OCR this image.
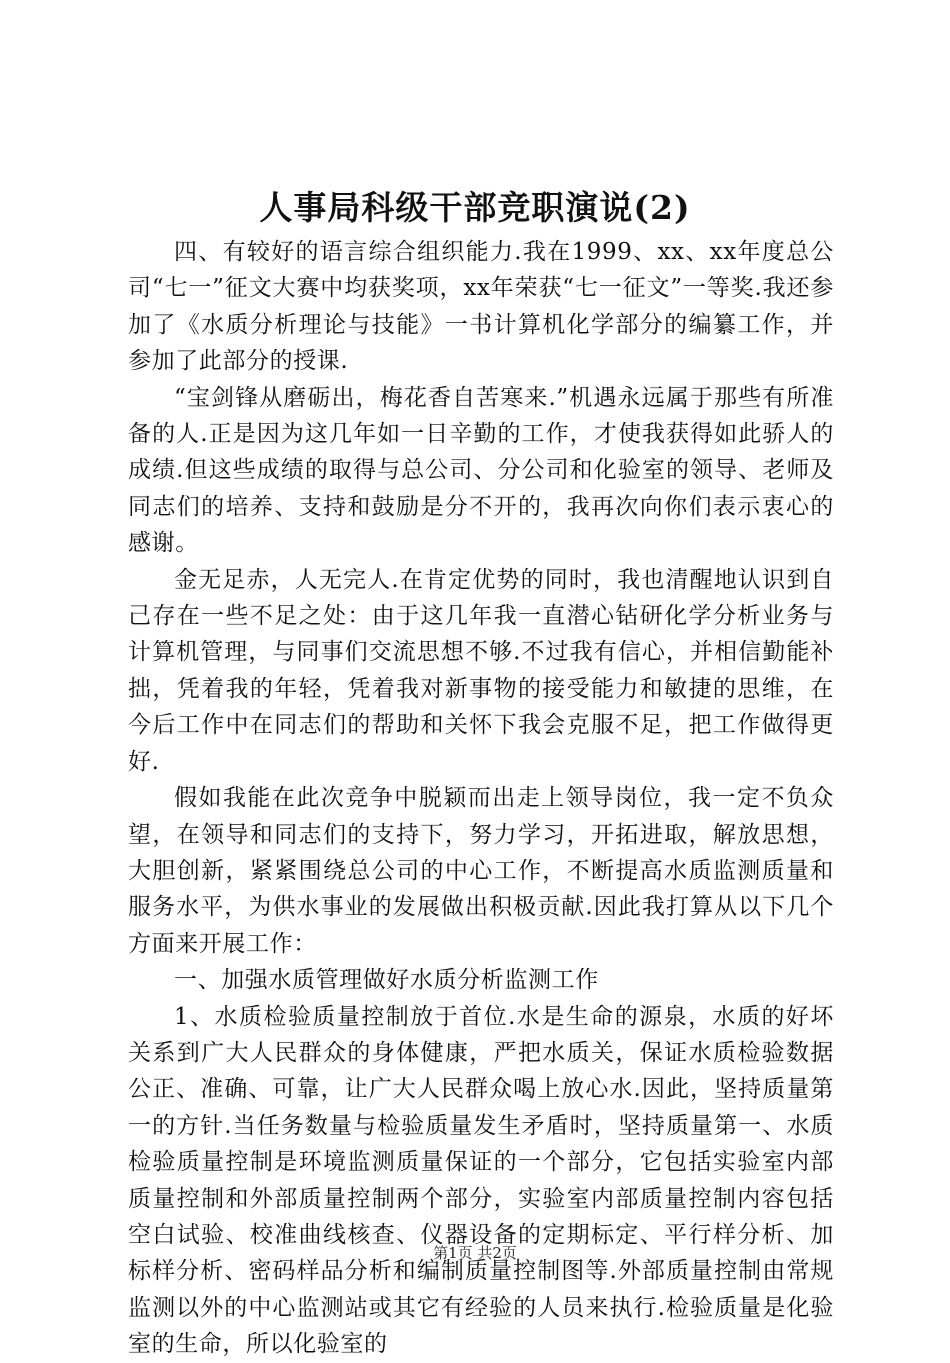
人事局科级干部竞职演说(2)

四、有较好的语言综合组织能力.我在1999、xx、xx年度总公司“七一”征文大赛中均获奖项，xx年荣获“七一征文”一等奖.我还参加了《水质分析理论与技能》一书计算机化学部分的编纂工作，并参加了此部分的授课.

“宝剑锋从磨砺出，梅花香自苦寒来.”机遇永远属于那些有所准备的人.正是因为这几年如一日辛勤的工作，才使我获得如此骄人的成绩.但这些成绩的取得与总公司、分公司和化验室的领导、老师及同志们的培养、支持和鼓励是分不开的，我再次向你们表示衷心的感谢。

金无足赤，人无完人.在肯定优势的同时，我也清醒地认识到自己存在一些不足之处：由于这几年我一直潜心钻研化学分析业务与计算机管理，与同事们交流思想不够.不过我有信心，并相信勤能补拙，凭着我的年轻，凭着我对新事物的接受能力和敏捷的思维，在今后工作中在同志们的帮助和关怀下我会克服不足，把工作做得更好.

假如我能在此次竞争中脱颖而出走上领导岗位，我一定不负众望，在领导和同志们的支持下，努力学习，开拓进取，解放思想，大胆创新，紧紧围绕总公司的中心工作，不断提高水质监测质量和服务水平，为供水事业的发展做出积极贡献.因此我打算从以下几个方面来开展工作：

一、加强水质管理做好水质分析监测工作

1、水质检验质量控制放于首位.水是生命的源泉，水质的好坏关系到广大人民群众的身体健康，严把水质关，保证水质检验数据公正、准确、可靠，让广大人民群众喝上放心水.因此，坚持质量第一的方针.当任务数量与检验质量发生矛盾时，坚持质量第一、水质检验质量控制是环境监测质量保证的一个部分，它包括实验室内部质量控制和外部质量控制两个部分，实验室内部质量控制内容包括空白试验、校准曲线核查、仪器设备的定期标定、平行样分析、加标样分析、密码样品分析和编制质量控制图等.外部质量控制由常规监测以外的中心监测站或其它有经验的人员来执行.检验质量是化验室的生命，所以化验室的

第1页 共2页
